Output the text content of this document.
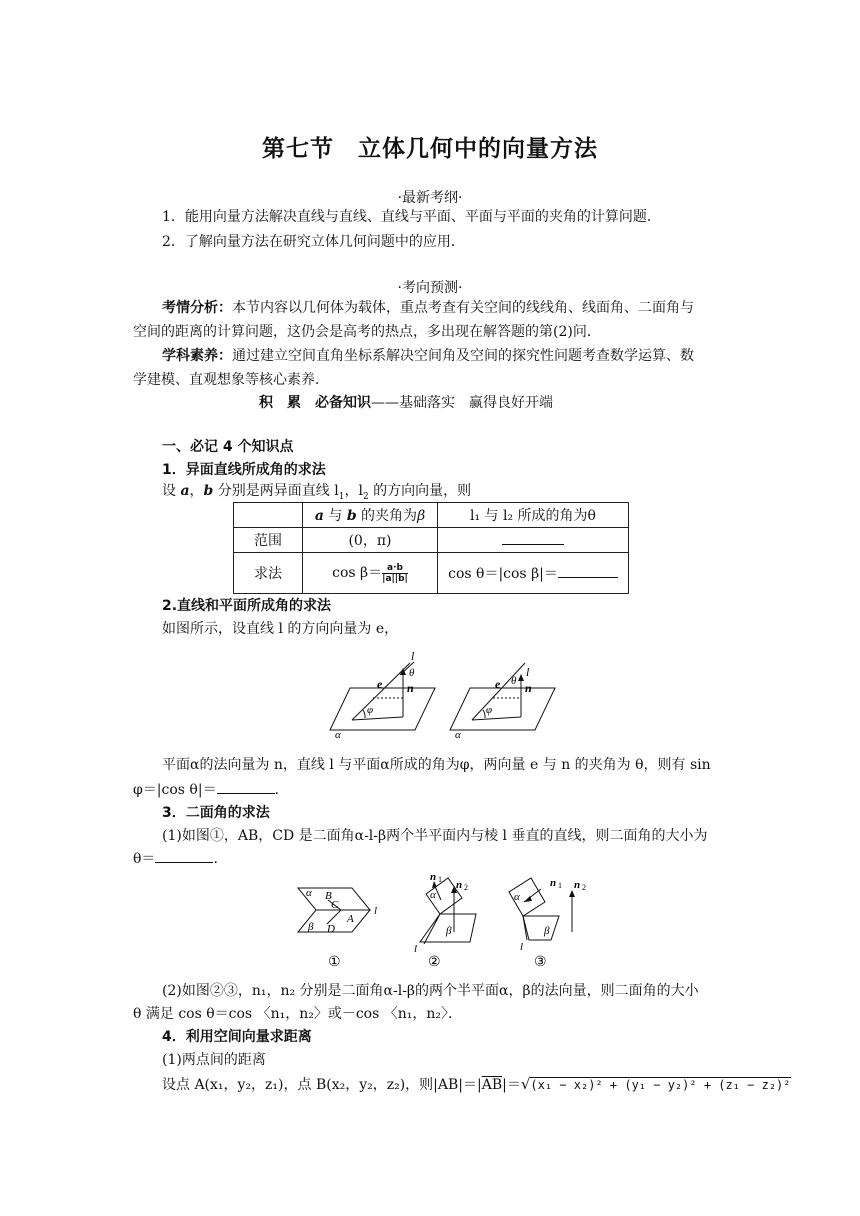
第七节　立体几何中的向量方法
·最新考纲·
1．能用向量方法解决直线与直线、直线与平面、平面与平面的夹角的计算问题．
2．了解向量方法在研究立体几何问题中的应用．
·考向预测·
考情分析：本节内容以几何体为载体，重点考查有关空间的线线角、线面角、二面角与
空间的距离的计算问题，这仍会是高考的热点，多出现在解答题的第(2)问．
学科素养：通过建立空间直角坐标系解决空间角及空间的探究性问题考查数学运算、数
学建模、直观想象等核心素养．
积　累　必备知识——基础落实　赢得良好开端
一、必记 4 个知识点
1．异面直线所成角的求法
设 a，b 分别是两异面直线 $l_1$，$l_2$ 的方向向量，则
	a 与 b 的夹角为β	l₁ 与 l₂ 所成的角为θ
范围	(0，π)	
求法	$\cos \beta= \frac{a\cdot b}{|a||b|}$	cos θ＝|cos β|＝
2.直线和平面所成角的求法
如图所示，设直线 l 的方向向量为 e，
l
θ
e n
φ
α
l
θ
e n
φ
α
平面α的法向量为 n，直线 l 与平面α所成的角为φ，两向量 e 与 n 的夹角为 θ，则有 sin
φ＝|cos θ|＝	．
3．二面角的求法
(1)如图①，AB，CD 是二面角α-l-β两个半平面内与棱 l 垂直的直线，则二面角的大小为
θ＝	．
α B
C
A
D
β
l
n 1 n 2
α
β
l
n 1 n 2
α
β
l
①	②	③
(2)如图②③，n₁，n₂ 分别是二面角α-l-β的两个半平面α，β的法向量，则二面角的大小
θ 满足 cos θ＝cos 〈n₁，n₂〉或－cos 〈n₁，n₂〉．
4．利用空间向量求距离
(1)两点间的距离
设点 A(x₁，y₂，z₁)，点 B(x₂，y₂，z₂)，则$|AB|=|\overline{AB}|=√(x_1 - x_2)^2 + (y_1 - y_2)^2 + (z_1 - z_2)^2$
